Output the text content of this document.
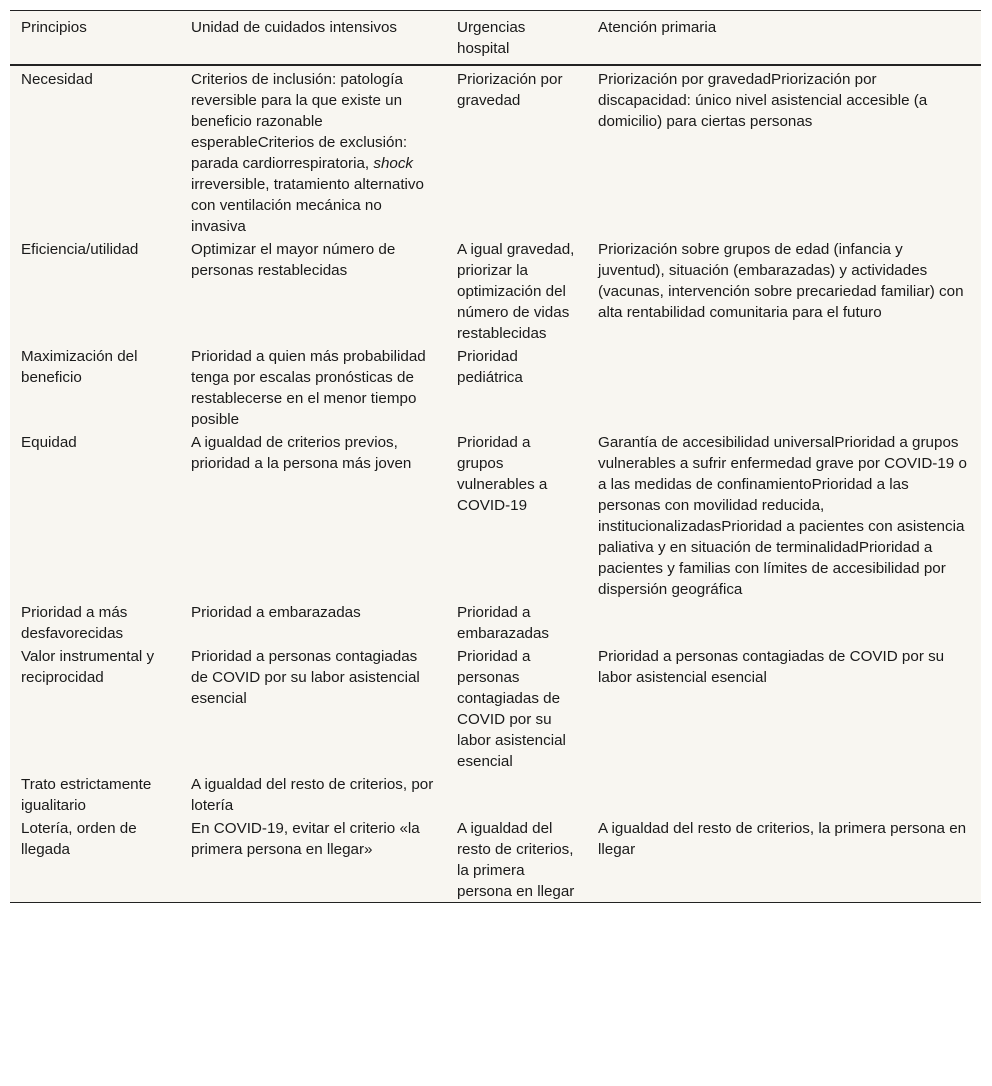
Principios	Unidad de cuidados intensivos	Urgencias hospital	Atención primaria
Necesidad	Criterios de inclusión: patología reversible para la que existe un beneficio razonable esperableCriterios de exclusión: parada cardiorrespiratoria, shock irreversible, tratamiento alternativo con ventilación mecánica no invasiva	Priorización por gravedad	Priorización por gravedadPriorización por discapacidad: único nivel asistencial accesible (a domicilio) para ciertas personas
Eficiencia/utilidad	Optimizar el mayor número de personas restablecidas	A igual gravedad, priorizar la optimización del número de vidas restablecidas	Priorización sobre grupos de edad (infancia y juventud), situación (embarazadas) y actividades (vacunas, intervención sobre precariedad familiar) con alta rentabilidad comunitaria para el futuro
Maximización del beneficio	Prioridad a quien más probabilidad tenga por escalas pronósticas de restablecerse en el menor tiempo posible	Prioridad pediátrica	
Equidad	A igualdad de criterios previos, prioridad a la persona más joven	Prioridad a grupos vulnerables a COVID-19	Garantía de accesibilidad universalPrioridad a grupos vulnerables a sufrir enfermedad grave por COVID-19 o a las medidas de confinamientoPrioridad a las personas con movilidad reducida, institucionalizadasPrioridad a pacientes con asistencia paliativa y en situación de terminalidadPrioridad a pacientes y familias con límites de accesibilidad por dispersión geográfica
Prioridad a más desfavorecidas	Prioridad a embarazadas	Prioridad a embarazadas	
Valor instrumental y reciprocidad	Prioridad a personas contagiadas de COVID por su labor asistencial esencial	Prioridad a personas contagiadas de COVID por su labor asistencial esencial	Prioridad a personas contagiadas de COVID por su labor asistencial esencial
Trato estrictamente igualitario	A igualdad del resto de criterios, por lotería		
Lotería, orden de llegada	En COVID-19, evitar el criterio «la primera persona en llegar»	A igualdad del resto de criterios, la primera persona en llegar	A igualdad del resto de criterios, la primera persona en llegar
